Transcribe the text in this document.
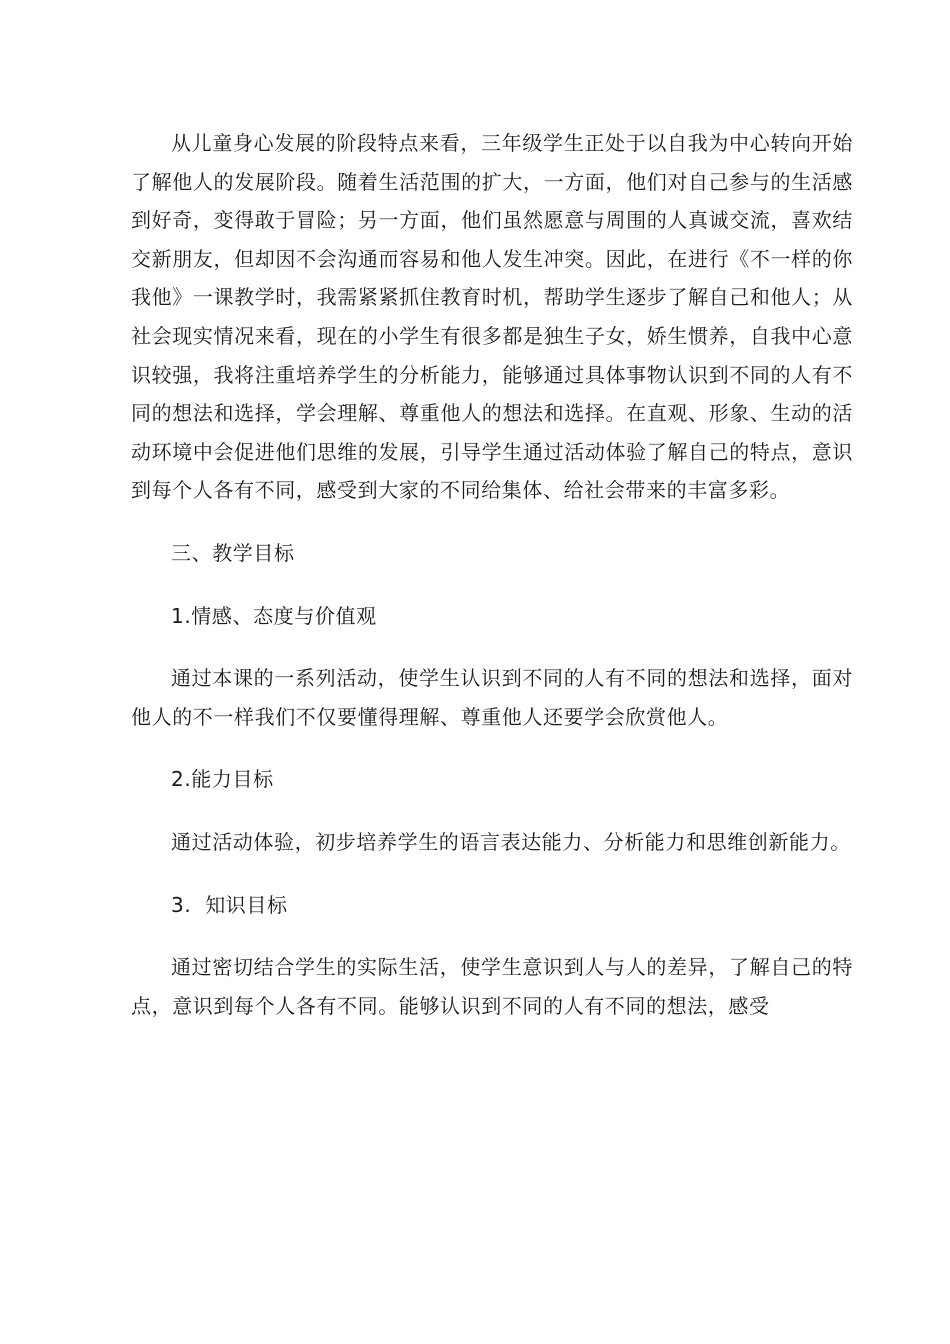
从儿童身心发展的阶段特点来看，三年级学生正处于以自我为中心转向开始了解他人的发展阶段。随着生活范围的扩大，一方面，他们对自己参与的生活感到好奇，变得敢于冒险；另一方面，他们虽然愿意与周围的人真诚交流，喜欢结交新朋友，但却因不会沟通而容易和他人发生冲突。因此，在进行《不一样的你我他》一课教学时，我需紧紧抓住教育时机，帮助学生逐步了解自己和他人；从社会现实情况来看，现在的小学生有很多都是独生子女，娇生惯养，自我中心意识较强，我将注重培养学生的分析能力，能够通过具体事物认识到不同的人有不同的想法和选择，学会理解、尊重他人的想法和选择。在直观、形象、生动的活动环境中会促进他们思维的发展，引导学生通过活动体验了解自己的特点，意识到每个人各有不同，感受到大家的不同给集体、给社会带来的丰富多彩。

三、教学目标

1.情感、态度与价值观

通过本课的一系列活动，使学生认识到不同的人有不同的想法和选择，面对他人的不一样我们不仅要懂得理解、尊重他人还要学会欣赏他人。

2.能力目标

通过活动体验，初步培养学生的语言表达能力、分析能力和思维创新能力。

3.  知识目标

通过密切结合学生的实际生活，使学生意识到人与人的差异，了解自己的特点，意识到每个人各有不同。能够认识到不同的人有不同的想法，感受
